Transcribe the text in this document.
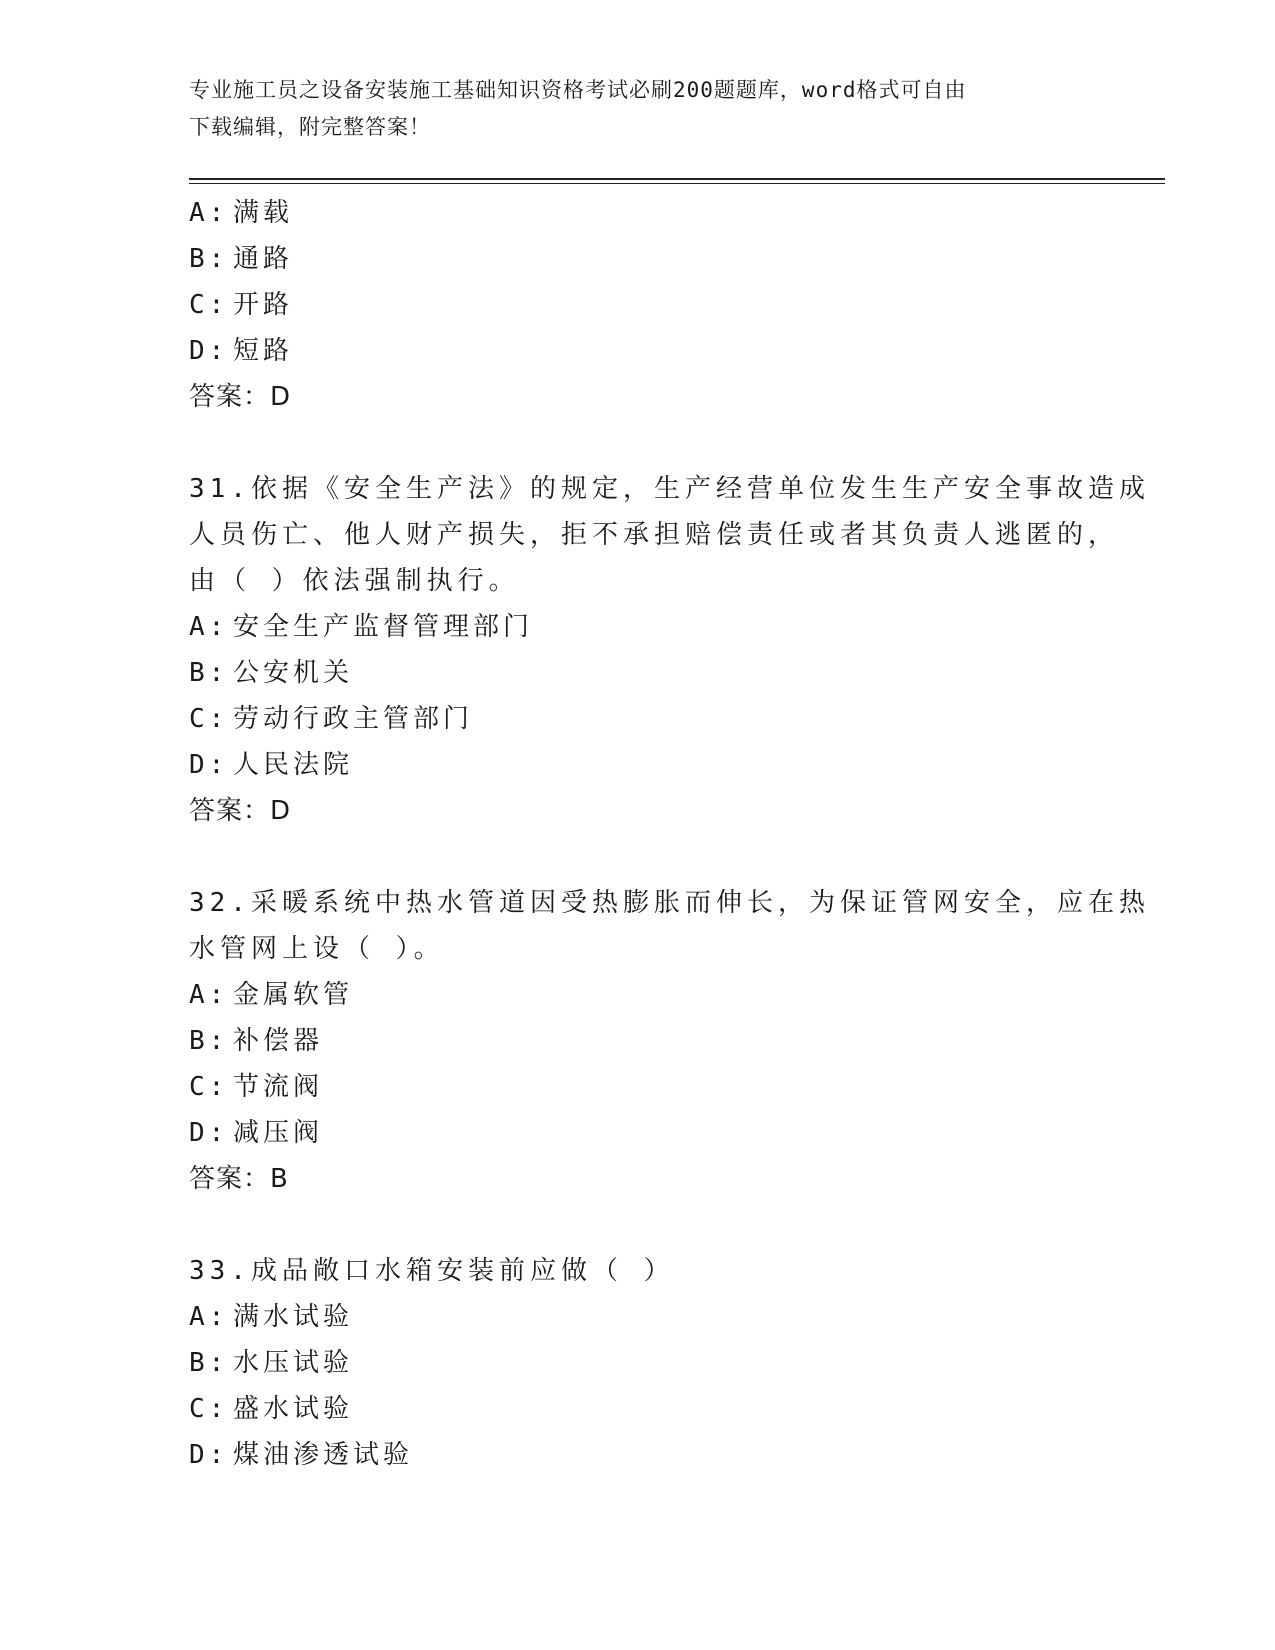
专业施工员之设备安装施工基础知识资格考试必刷200题题库，word格式可自由
下载编辑，附完整答案！
A: 满载
B: 通路
C: 开路
D: 短路
答案：D
31.依据《安全生产法》的规定，生产经营单位发生生产安全事故造成
人员伤亡、他人财产损失，拒不承担赔偿责任或者其负责人逃匿的，
由（ ）依法强制执行。
A: 安全生产监督管理部门
B: 公安机关
C: 劳动行政主管部门
D: 人民法院
答案：D
32.采暖系统中热水管道因受热膨胀而伸长，为保证管网安全，应在热
水管网上设（ ）。
A: 金属软管
B: 补偿器
C: 节流阀
D: 减压阀
答案：B
33.成品敞口水箱安装前应做（ ）
A: 满水试验
B: 水压试验
C: 盛水试验
D: 煤油渗透试验
